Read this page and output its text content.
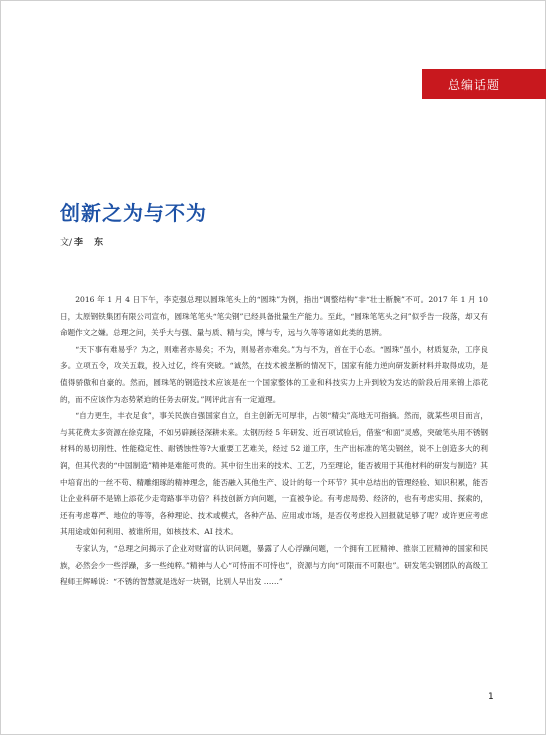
总编话题
创新之为与不为
文/ 李 东

2016 年 1 月 4 日下午，李克强总理以圆珠笔头上的“圆珠”为例，指出“调整结构”非“壮士断腕”不可。2017 年 1 月 10 日，太原钢铁集团有限公司宣布，圆珠笔笔头“笔尖钢”已经具备批量生产能力。至此，“圆珠笔笔头之问”似乎告一段落，却又有命题作文之嫌。总理之问，关乎大与强、量与质、精与尖，博与专，远与久等等诸如此类的思辨。

“天下事有难易乎？为之，则难者亦易矣；不为，则易者亦难矣。”为与不为，首在于心态。“圆珠”虽小，材质复杂，工序良多。立项五令，攻关五载，投入过亿，终有突破。“诚然，在技术被垄断的情况下，国家有能力逆向研发新材料并取得成功，是值得骄傲和自豪的。然而，圆珠笔的钢造技术应该是在一个国家整体的工业和科技实力上升到较为发达的阶段后用来锦上添花的，而不应该作为态势紧迫的任务去研发。”网评此言有一定道理。

“自力更生，丰衣足食”，事关民族自强国家自立，自主创新无可厚非，占领“精尖”高地无可指摘。然而，就某些项目而言，与其花费太多资源在徐克隆，不如另辟蹊径深耕未来。太钢历经 5 年研发、近百项试验后，借鉴“和面”灵感，突破笔头用不锈钢材料的易切削性、性能稳定性、耐锈蚀性等?大重要工艺难关，经过 52 道工序，生产出标准的笔尖钢丝，说不上创造多大的利润，但其代表的“中国制造”精神是难能可贵的。其中衍生出来的技术、工艺，乃至理论，能否被用于其他材料的研发与制造？其中培育出的一丝不苟、精雕细琢的精神理念，能否融入其他生产、设计的每一个环节？其中总结出的管理经验、知识积累，能否让企业科研不是锦上添花少走弯路事半功倍？科技创新方向问题，一直被争论。有考虑局势、经济的，也有考虑实用、探索的，还有考虑尊严、地位的等等，各种理论、技术或模式，各种产品、应用或市场，是否仅考虑投入回报就足够了呢？或许更应考虑其用途或如何利用、被谁所用，如核技术、AI 技术。

专家认为，“总理之问揭示了企业对财富的认识问题，暴露了人心浮躁问题，一个拥有工匠精神、推崇工匠精神的国家和民族，必然会少一些浮躁，多一些纯粹。”精神与人心“可恃而不可恃也”，资源与方向“可限而不可限也”。研发笔尖钢团队的高级工程师王辉晞说：“不锈的智慧就是选好一块钢，比别人早出发 ……”

1
